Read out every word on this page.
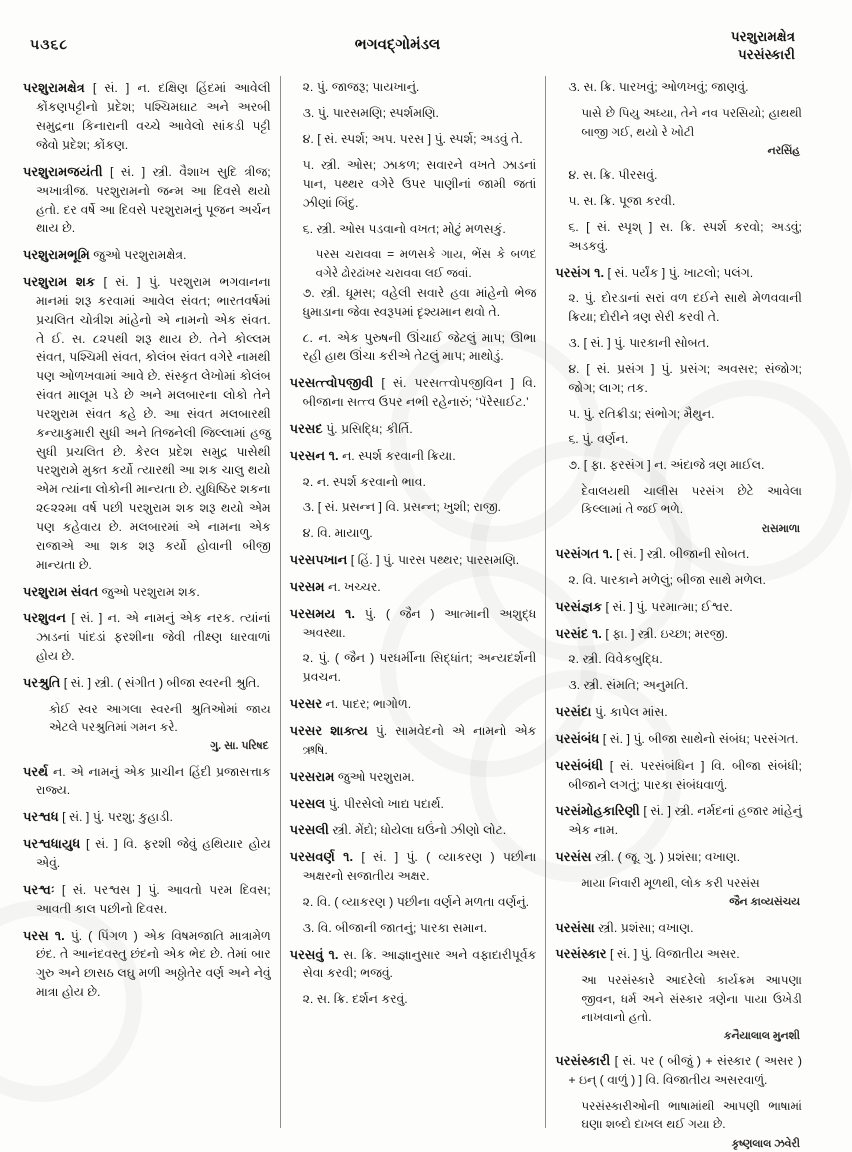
૫૩૬૮	ભગવદ્ગોમંડલ	પરશુરામક્ષેત્ર
પરસંસ્કારી

પરશુરામક્ષેત્ર [ સં. ] ન. દક્ષિણ હિંદમાં આવેલી કોંકણપટ્ટીનો પ્રદેશ; પશ્ચિમઘાટ અને અરબી સમુદ્રના કિનારાની વચ્ચે આવેલો સાંકડી પટ્ટી જેવો પ્રદેશ; કોંકણ.

પરશુરામજયંતી [ સં. ] સ્ત્રી. વૈશાખ સુદિ ત્રીજ; અખાત્રીજ. પરશુરામનો જન્મ આ દિવસે થયો હતો. દર વર્ષે આ દિવસે પરશુરામનું પૂજન અર્ચન થાય છે.

પરશુરામભૂમિ જુઓ પરશુરામક્ષેત્ર.

પરશુરામ શક [ સં. ] પું. પરશુરામ ભગવાનના માનમાં શરૂ કરવામાં આવેલ સંવત; ભારતવર્ષમાં પ્રચલિત ચોત્રીશ માંહેનો એ નામનો એક સંવત. તે ઈ. સ. ૮૨૫થી શરૂ થાય છે. તેને કોલ્લમ સંવત, પશ્ચિમી સંવત, કોલંબ સંવત વગેરે નામથી પણ ઓળખવામાં આવે છે. સંસ્કૃત લેખોમાં કોલંબ સંવત માલૂમ પડે છે અને મલબારના લોકો તેને પરશુરામ સંવત કહે છે. આ સંવત મલબારથી કન્યાકુમારી સુધી અને તિજનેલી જિલ્લામાં હજુ સુધી પ્રચલિત છે. કેરલ પ્રદેશ સમુદ્ર પાસેથી પરશુરામે મુક્ત કર્યો ત્યારથી આ શક ચાલુ થયો એમ ત્યાંના લોકોની માન્યતા છે. યુધિષ્ઠિર શકના ૨૯૨૨મા વર્ષ પછી પરશુરામ શક શરૂ થયો એમ પણ કહેવાય છે. મલબારમાં એ નામના એક રાજાએ આ શક શરૂ કર્યો હોવાની બીજી માન્યતા છે.

પરશુરામ સંવત જુઓ પરશુરામ શક.

પરશુવન [ સં. ] ન. એ નામનું એક નરક. ત્યાંનાં ઝાડનાં પાંદડાં ફરશીના જેવી તીક્ષ્ણ ધારવાળાં હોય છે.

પરશ્રુતિ [ સં. ] સ્ત્રી. ( સંગીત ) બીજા સ્વરની શ્રુતિ.

કોઈ સ્વર આગલા સ્વરની શ્રુતિઓમાં જાય એટલે પરશ્રુતિમાં ગમન કરે.

ગુ. સા. પરિષદ

પરર્થ ન. એ નામનું એક પ્રાચીન હિંદી પ્રજાસત્તાક રાજ્ય.

પરશ્વધ [ સં. ] પું. પરશુ; કુહાડી.

પરશ્વધાયુધ [ સં. ] વિ. ફરશી જેવું હથિયાર હોય એવું.

પરશ્વઃ [ સં. પરશ્વસ ] પું. આવતો પરમ દિવસ; આવતી કાલ પછીનો દિવસ.

પરસ ૧. પું. ( પિંગળ ) એક વિષમજાતિ માત્રામેળ છંદ. તે આનંદવસ્તુ છંદનો એક ભેદ છે. તેમાં બાર ગુરુ અને છાસઠ લઘુ મળી અઠ્ઠોતેર વર્ણ અને નેવું માત્રા હોય છે.

૨. પું. જાજરૂ; પાયખાનું.

૩. પું. પારસમણિ; સ્પર્શમણિ.

૪. [ સં. સ્પર્શ; અપ. પરસ ] પું. સ્પર્શ; અડવું તે.

૫. સ્ત્રી. ઓસ; ઝાકળ; સવારને વખતે ઝાડનાં પાન, પથ્થર વગેરે ઉપર પાણીનાં જામી જતાં ઝીણાં બિંદુ.

૬. સ્ત્રી. ઓસ પડવાનો વખત; મોટું મળસકું.

પરસ ચરાવવા = મળસકે ગાય, ભેંસ કે બળદ વગેરે ઢોરઢાંખર ચરાવવા લઈ જવાં.

૭. સ્ત્રી. ધૂમસ; વહેલી સવારે હવા માંહેનો ભેજ ધુમાડાના જેવા સ્વરૂપમાં દૃશ્યમાન થવો તે.

૮. ન. એક પુરુષની ઊંચાઈ જેટલું માપ; ઊભા રહી હાથ ઊંચા કરીએ તેટલું માપ; માથોડું.

પરસત્ત્વોપજીવી [ સં. પરસત્ત્વોપજીવિન ] વિ. બીજાના સત્ત્વ ઉપર નભી રહેનારું; ‘પૅરેસાઈટ.’

પરસદ પું. પ્રસિદ્ધિ; કીર્તિ.

પરસન ૧. ન. સ્પર્શ કરવાની ક્રિયા.

૨. ન. સ્પર્શ કરવાનો ભાવ.

૩. [ સં. પ્રસન્ન ] વિ. પ્રસન્ન; ખુશી; રાજી.

૪. વિ. માયાળુ.

પરસપખાન [ હિં. ] પું. પારસ પથ્થર; પારસમણિ.

પરસમ ન. ખચ્ચર.

પરસમય ૧. પું. ( જૈન ) આત્માની અશુદ્ધ અવસ્થા.

૨. પું. ( જૈન ) પરધર્મીના સિદ્ધાંત; અન્યદર્શની પ્રવચન.

પરસર ન. પાદર; ભાગોળ.

પરસર શાક્ત્ય પું. સામવેદનો એ નામનો એક ઋષિ.

પરસરામ જુઓ પરશુરામ.

પરસલ પું. પીરસેલો ખાદ્ય પદાર્થ.

પરસલી સ્ત્રી. મેંદો; ધોયેલા ઘઉંનો ઝીણો લોટ.

પરસવર્ણ ૧. [ સં. ] પું. ( વ્યાકરણ ) પછીના અક્ષરનો સજાતીય અક્ષર.

૨. વિ. ( વ્યાકરણ ) પછીના વર્ણને મળતા વર્ણનું.

૩. વિ. બીજાની જાતનું; પારકા સમાન.

પરસવું ૧. સ. ક્રિ. આજ્ઞાનુસાર અને વફાદારીપૂર્વક સેવા કરવી; ભજવું.

૨. સ. ક્રિ. દર્શન કરવું.

૩. સ. ક્રિ. પારખવું; ઓળખવું; જાણવું.

પાસે છે પિયુ અધ્યા, તેને નવ પરસિયો; હાથથી બાજી ગઈ, થયો રે ખોટી

નરસિંહ

૪. સ. ક્રિ. પીરસવું.

૫. સ. ક્રિ. પૂજા કરવી.

૬. [ સં. સ્પૃશ્ ] સ. ક્રિ. સ્પર્શ કરવો; અડવું; અડકવું.

પરસંગ ૧. [ સં. પર્યંક ] પું. ખાટલો; પલંગ.

૨. પું. દોરડાનાં સરાં વળ દઈને સાથે મેળવવાની ક્રિયા; દોરીને ત્રણ સેરી કરવી તે.

૩. [ સં. ] પું. પારકાની સોબત.

૪. [ સં. પ્રસંગ ] પું. પ્રસંગ; અવસર; સંજોગ; જોગ; લાગ; તક.

૫. પું. રતિક્રીડા; સંભોગ; મૈથુન.

૬. પું. વર્ણન.

૭. [ ફા. ફરસંગ ] ન. અંદાજે ત્રણ માઈલ.

દેવાલયથી ચાલીસ પરસંગ છેટે આવેલા કિલ્લામાં તે જઈ ભળે.

રાસમાળા

પરસંગત ૧. [ સં. ] સ્ત્રી. બીજાની સોબત.

૨. વિ. પારકાને મળેલું; બીજા સાથે મળેલ.

પરસંજ્ઞક [ સં. ] પું. પરમાત્મા; ઈશ્વર.

પરસંદ ૧. [ ફા. ] સ્ત્રી. ઇચ્છા; મરજી.

૨. સ્ત્રી. વિવેકબુદ્ધિ.

૩. સ્ત્રી. સંમતિ; અનુમતિ.

પરસંદા પું. કાપેલ માંસ.

પરસંબંધ [ સં. ] પું. બીજા સાથેનો સંબંધ; પરસંગત.

પરસંબંધી [ સં. પરસંબંધિન ] વિ. બીજા સંબંધી; બીજાને લગતું; પારકા સંબંધવાળું.

પરસંમોહકારિણી [ સં. ] સ્ત્રી. નર્મદનાં હજાર માંહેનું એક નામ.

પરસંસ સ્ત્રી. ( જૂ. ગુ. ) પ્રશંસા; વખાણ.

માયા નિવારી મૂળથી, લોક કરી પરસંસ

જૈન કાવ્યસંચય

પરસંસા સ્ત્રી. પ્રશંસા; વખાણ.

પરસંસ્કાર [ સં. ] પું. વિજાતીય અસર.

આ પરસંસ્કારે આદરેલો કાર્યક્રમ આપણા જીવન, ધર્મ અને સંસ્કાર ત્રણેના પાયા ઉખેડી નાખવાનો હતો.

કનૈયાલાલ મુનશી

પરસંસ્કારી [ સં. પર ( બીજું ) + સંસ્કાર ( અસર ) + ઇન્ ( વાળું ) ] વિ. વિજાતીય અસરવાળું.

પરસંસ્કારીઓની ભાષામાંથી આપણી ભાષામાં ઘણા શબ્દો દાખલ થઈ ગયા છે.

કૃષ્ણલાલ ઝવેરી
